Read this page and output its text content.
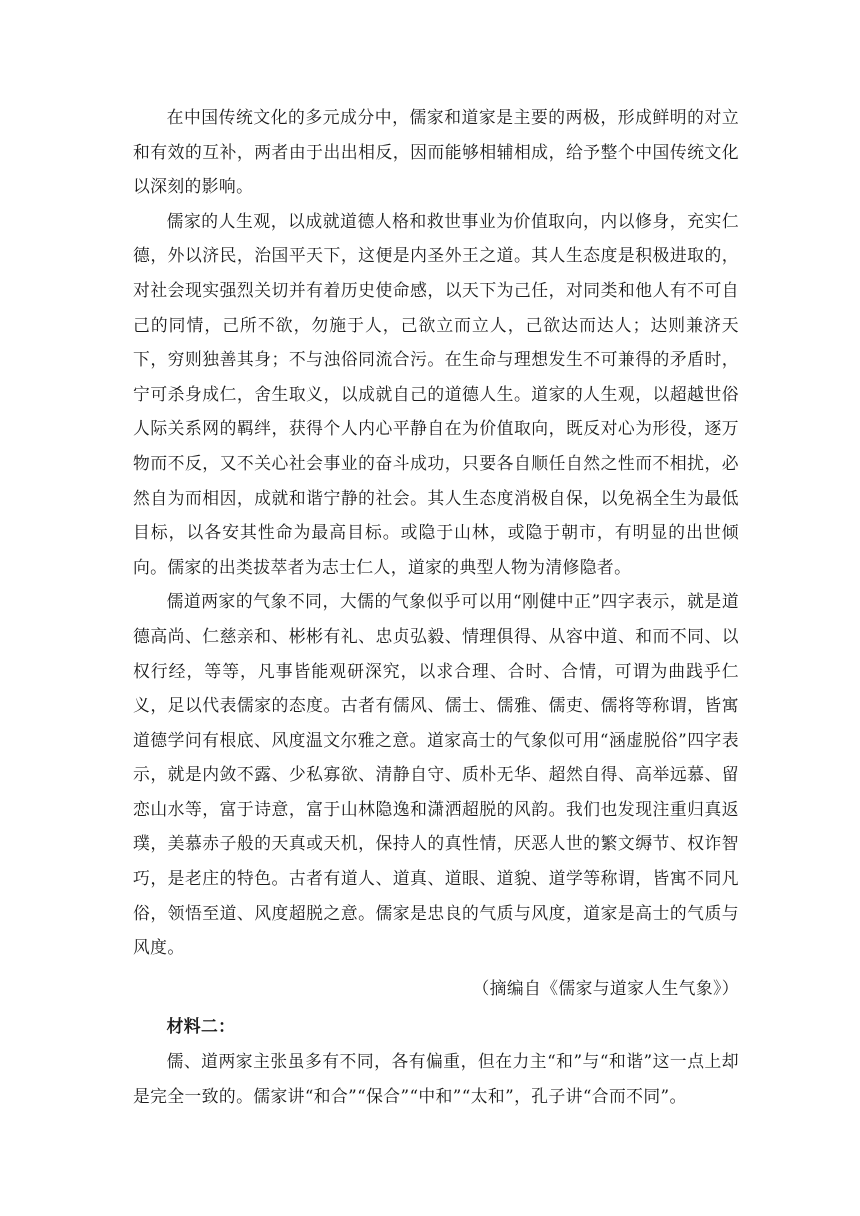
在中国传统文化的多元成分中，儒家和道家是主要的两极，形成鲜明的对立和有效的互补，两者由于出出相反，因而能够相辅相成，给予整个中国传统文化以深刻的影响。

儒家的人生观，以成就道德人格和救世事业为价值取向，内以修身，充实仁德，外以济民，治国平天下，这便是内圣外王之道。其人生态度是积极进取的，对社会现实强烈关切并有着历史使命感，以天下为己任，对同类和他人有不可自己的同情，己所不欲，勿施于人，己欲立而立人，己欲达而达人；达则兼济天下，穷则独善其身；不与浊俗同流合污。在生命与理想发生不可兼得的矛盾时，宁可杀身成仁，舍生取义，以成就自己的道德人生。道家的人生观，以超越世俗人际关系网的羁绊，获得个人内心平静自在为价值取向，既反对心为形役，逐万物而不反，又不关心社会事业的奋斗成功，只要各自顺任自然之性而不相扰，必然自为而相因，成就和谐宁静的社会。其人生态度消极自保，以免祸全生为最低目标，以各安其性命为最高目标。或隐于山林，或隐于朝市，有明显的出世倾向。儒家的出类拔萃者为志士仁人，道家的典型人物为清修隐者。

儒道两家的气象不同，大儒的气象似乎可以用“刚健中正”四字表示，就是道德高尚、仁慈亲和、彬彬有礼、忠贞弘毅、情理俱得、从容中道、和而不同、以权行经，等等，凡事皆能观研深究，以求合理、合时、合情，可谓为曲践乎仁义，足以代表儒家的态度。古者有儒风、儒士、儒雅、儒吏、儒将等称谓，皆寓道德学问有根底、风度温文尔雅之意。道家高士的气象似可用“涵虚脱俗”四字表示，就是内敛不露、少私寡欲、清静自守、质朴无华、超然自得、高举远慕、留恋山水等，富于诗意，富于山林隐逸和潇洒超脱的风韵。我们也发现注重归真返璞，美慕赤子般的天真或天机，保持人的真性情，厌恶人世的繁文缛节、权诈智巧，是老庄的特色。古者有道人、道真、道眼、道貌、道学等称谓，皆寓不同凡俗，领悟至道、风度超脱之意。儒家是忠良的气质与风度，道家是高士的气质与风度。

（摘编自《儒家与道家人生气象》）

材料二：

儒、道两家主张虽多有不同，各有偏重，但在力主“和”与“和谐”这一点上却是完全一致的。儒家讲“和合”“保合”“中和”“太和”，孔子讲“合而不同”。
